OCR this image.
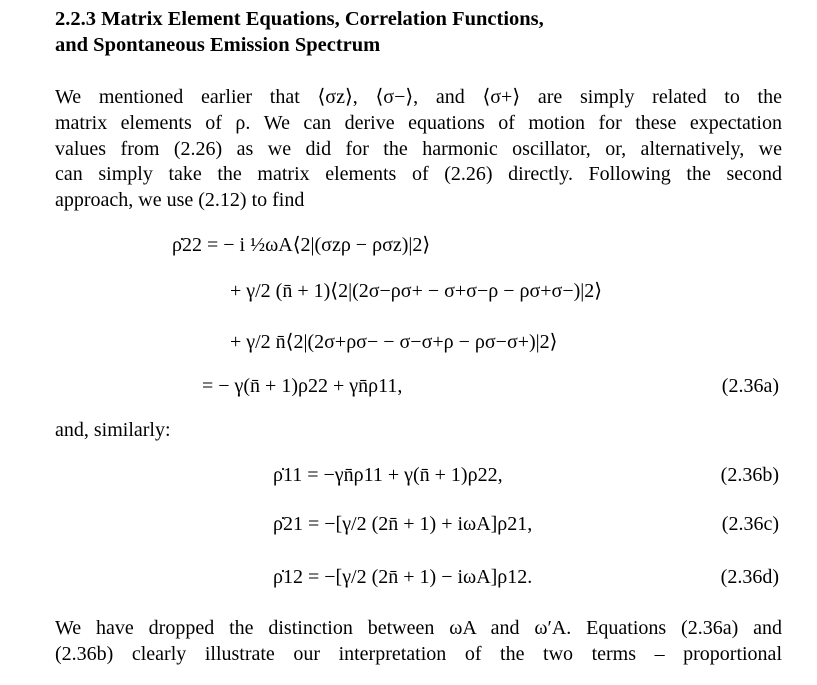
2.2.3 Matrix Element Equations, Correlation Functions,
and Spontaneous Emission Spectrum
We mentioned earlier that ⟨σz⟩, ⟨σ−⟩, and ⟨σ+⟩ are simply related to the
matrix elements of ρ. We can derive equations of motion for these expectation
values from (2.26) as we did for the harmonic oscillator, or, alternatively, we
can simply take the matrix elements of (2.26) directly. Following the second
approach, we use (2.12) to find
ρ̇22 = − i ½ωA⟨2|(σzρ − ρσz)|2⟩
+ γ/2 (n̄ + 1)⟨2|(2σ−ρσ+ − σ+σ−ρ − ρσ+σ−)|2⟩
+ γ/2 n̄⟨2|(2σ+ρσ− − σ−σ+ρ − ρσ−σ+)|2⟩
= − γ(n̄ + 1)ρ22 + γn̄ρ11,	(2.36a)
and, similarly:
ρ̇11 = −γn̄ρ11 + γ(n̄ + 1)ρ22,	(2.36b)
ρ̇21 = −[γ/2 (2n̄ + 1) + iωA]ρ21,	(2.36c)
ρ̇12 = −[γ/2 (2n̄ + 1) − iωA]ρ12.	(2.36d)
We have dropped the distinction between ωA and ω′A. Equations (2.36a) and
(2.36b) clearly illustrate our interpretation of the two terms – proportional
